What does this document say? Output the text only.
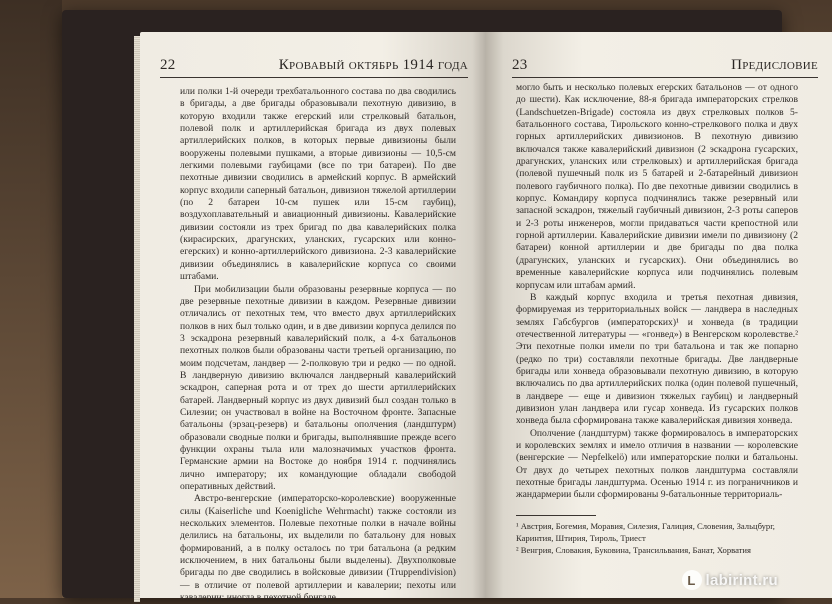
22	Кровавый октябрь 1914 года

или полки 1-й очереди трехбатальонного состава по два сводились в бригады, а две бригады образовывали пехотную дивизию, в которую входили также егерский или стрелковый батальон, полевой полк и артиллерийская бригада из двух полевых артиллерийских полков, в которых первые дивизионы были вооружены полевыми пушками, а вторые дивизионы — 10,5-см легкими полевыми гаубицами (все по три батареи). По две пехотные дивизии сводились в армейский корпус. В армейский корпус входили саперный батальон, дивизион тяжелой артиллерии (по 2 батареи 10-см пушек или 15-см гаубиц), воздухоплавательный и авиационный дивизионы. Кавалерийские дивизии состояли из трех бригад по два кавалерийских полка (кирасирских, драгунских, уланских, гусарских или конно-егерских) и конно-артиллерийского дивизиона. 2-3 кавалерийские дивизии объединялись в кавалерийские корпуса со своими штабами.

При мобилизации были образованы резервные корпуса — по две резервные пехотные дивизии в каждом. Резервные дивизии отличались от пехотных тем, что вместо двух артиллерийских полков в них был только один, и в две дивизии корпуса делился по 3 эскадрона резервный кавалерийский полк, а 4-х батальонов пехотных полков были образованы части третьей организацию, по моим подсчетам, ландвер — 2-полковую три и редко — по одной. В ландверную дивизию включался ландверный кавалерийский эскадрон, саперная рота и от трех до шести артиллерийских батарей. Ландверный корпус из двух дивизий был создан только в Силезии; он участвовал в войне на Восточном фронте. Запасные батальоны (эрзац-резерв) и батальоны ополчения (ландштурм) образовали сводные полки и бригады, выполнявшие прежде всего функции охраны тыла или малозначимых участков фронта. Германские армии на Востоке до ноября 1914 г. подчинялись лично императору; их командующие обладали свободой оперативных действий.

Австро-венгерские (императорско-королевские) вооруженные силы (Kaiserliche und Koenigliche Wehrmacht) также состояли из нескольких элементов. Полевые пехотные полки в начале войны делились на батальоны, их выделили по батальону для новых формирований, а в полку осталось по три батальона (а редким исключением, в них батальоны были выделены). Двухполковые бригады по две сводились в войсковые дивизии (Truppendivision) — в отличие от полевой артиллерии и кавалерии; пехоты или кавалерии; иногда в пехотной бригаде

23	Предисловие

могло быть и несколько полевых егерских батальонов — от одного до шести). Как исключение, 88-я бригада императорских стрелков (Landschuetzen-Brigade) состояла из двух стрелковых полков 5-батальонного состава, Тирольского конно-стрелкового полка и двух горных артиллерийских дивизионов. В пехотную дивизию включался также кавалерийский дивизион (2 эскадрона гусарских, драгунских, уланских или стрелковых) и артиллерийская бригада (полевой пушечный полк из 5 батарей и 2-батарейный дивизион полевого гаубичного полка). По две пехотные дивизии сводились в корпус. Командиру корпуса подчинялись также резервный или запасной эскадрон, тяжелый гаубичный дивизион, 2-3 роты саперов и 2-3 роты инженеров, могли придаваться части крепостной или горной артиллерии. Кавалерийские дивизии имели по дивизиону (2 батареи) конной артиллерии и две бригады по два полка (драгунских, уланских и гусарских). Они объединялись во временные кавалерийские корпуса или подчинялись полевым корпусам или штабам армий.

В каждый корпус входила и третья пехотная дивизия, формируемая из территориальных войск — ландвера в наследных землях Габсбургов (императорских)¹ и хонведа (в традиции отечественной литературы — «гонвед») в Венгерском королевстве.² Эти пехотные полки имели по три батальона и так же попарно (редко по три) составляли пехотные бригады. Две ландверные бригады или хонведа образовывали пехотную дивизию, в которую включались по два артиллерийских полка (один полевой пушечный, в ландвере — еще и дивизион тяжелых гаубиц) и ландверный дивизион улан ландвера или гусар хонведа. Из гусарских полков хонведа была сформирована также кавалерийская дивизия хонведа.

Ополчение (ландштурм) также формировалось в императорских и королевских землях и имело отличия в названии — королевские (венгерские — Nepfelkelö) или императорские полки и батальоны. От двух до четырех пехотных полков ландштурма составляли пехотные бригады ландштурма. Осенью 1914 г. из пограничников и жандармерии были сформированы 9-батальонные территориаль-

¹ Австрия, Богемия, Моравия, Силезия, Галиция, Словения, Зальцбург, Каринтия, Штирия, Тироль, Триест
² Венгрия, Словакия, Буковина, Трансильвания, Банат, Хорватия
L labirint.ru
